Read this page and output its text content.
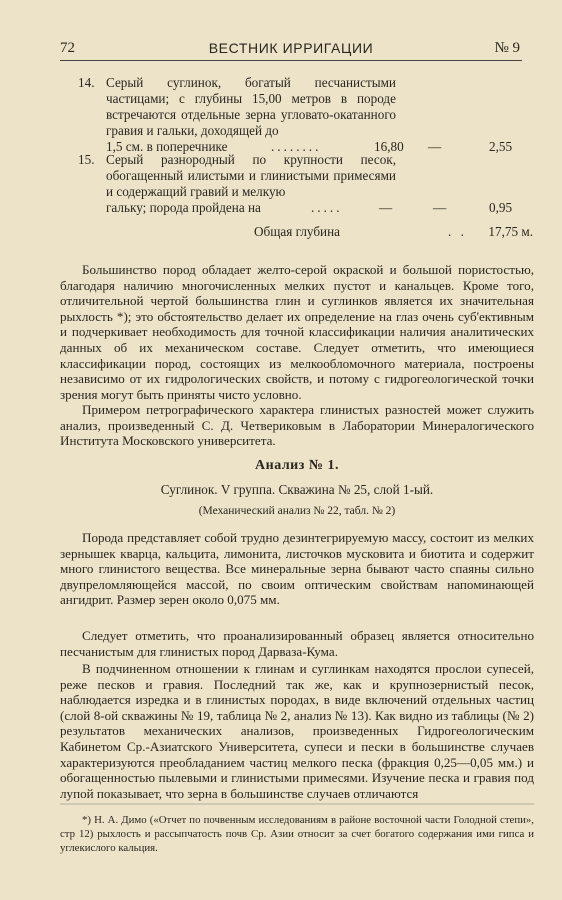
72	ВЕСТНИК ИРРИГАЦИИ	№ 9
14. Серый суглинок, богатый песчанистыми частицами; с глубины 15,00 метров в породе встречаются отдельные зерна угловато-окатанного гравия и гальки, доходящей до
1,5 см. в поперечнике	........	16,80 —	2,55
15. Серый разнородный по крупности песок, обогащенный илистыми и глинистыми примесями и содержащий гравий и мелкую
гальку; порода пройдена на	.....	—	—	0,95
Общая глубина	. . 17,75 м.

Большинство пород обладает желто-серой окраской и большой пористостью, благодаря наличию многочисленных мелких пустот и канальцев. Кроме того, отличительной чертой большинства глин и суглинков является их значительная рыхлость *); это обстоятельство делает их определение на глаз очень суб'ективным и подчеркивает необходимость для точной классификации наличия аналитических данных об их механическом составе. Следует отметить, что имеющиеся классификации пород, состоящих из мелкообломочного материала, построены независимо от их гидрологических свойств, и потому с гидрогеологической точки зрения могут быть приняты чисто условно.

Примером петрографического характера глинистых разностей может служить анализ, произведенный С. Д. Четвериковым в Лаборатории Минералогического Института Московского университета.

Анализ № 1.

Суглинок. V группа. Скважина № 25, слой 1-ый.

(Механический анализ № 22, табл. № 2)

Порода представляет собой трудно дезинтегрируемую массу, состоит из мелких зернышек кварца, кальцита, лимонита, листочков мусковита и биотита и содержит много глинистого вещества. Все минеральные зерна бывают часто спаяны сильно двупреломляющейся массой, по своим оптическим свойствам напоминающей ангидрит. Размер зерен около 0,075 мм.

Следует отметить, что проанализированный образец является относительно песчанистым для глинистых пород Дарваза-Кума.

В подчиненном отношении к глинам и суглинкам находятся прослои супесей, реже песков и гравия. Последний так же, как и крупнозернистый песок, наблюдается изредка и в глинистых породах, в виде включений отдельных частиц (слой 8-ой скважины № 19, таблица № 2, анализ № 13). Как видно из таблицы (№ 2) результатов механических анализов, произведенных Гидрогеологическим Кабинетом Ср.-Азиатского Университета, супеси и пески в большинстве случаев характеризуются преобладанием частиц мелкого песка (фракция 0,25—0,05 мм.) и обогащенностью пылевыми и глинистыми примесями. Изучение песка и гравия под лупой показывает, что зерна в большинстве случаев отличаются

*) Н. А. Димо («Отчет по почвенным исследованиям в районе восточной части Голодной степи», стр 12) рыхлость и рассыпчатость почв Ср. Азии относит за счет богатого содержания ими гипса и углекислого кальция.
